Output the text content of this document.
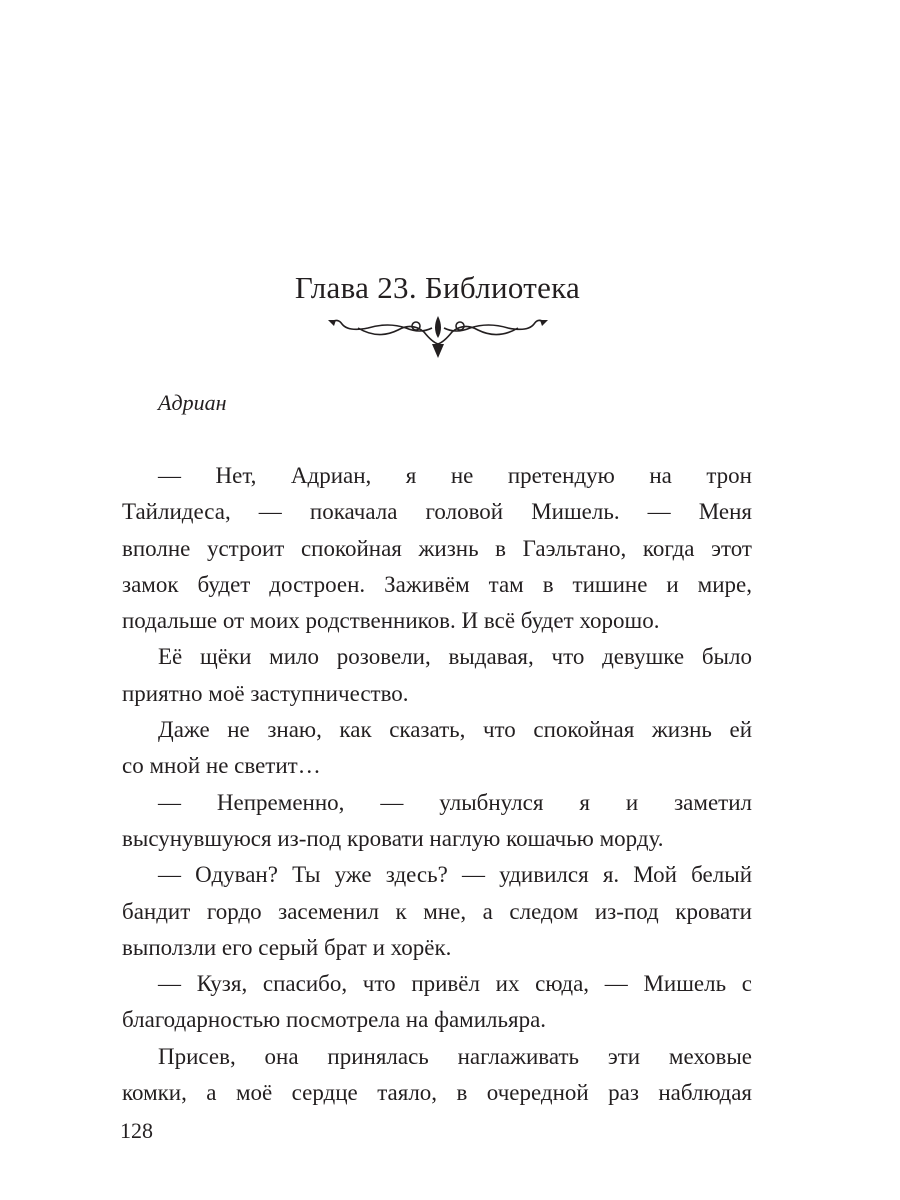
Глава 23. Библиотека
Адриан
— Нет, Адриан, я не претендую на трон
Тайлидеса, — покачала головой Мишель. — Меня
вполне устроит спокойная жизнь в Гаэльтано, когда этот
замок будет достроен. Заживём там в тишине и мире,
подальше от моих родственников. И всё будет хорошо.
Её щёки мило розовели, выдавая, что девушке было
приятно моё заступничество.
Даже не знаю, как сказать, что спокойная жизнь ей
со мной не светит…
— Непременно, — улыбнулся я и заметил
высунувшуюся из-под кровати наглую кошачью морду.
— Одуван? Ты уже здесь? — удивился я. Мой белый
бандит гордо засеменил к мне, а следом из-под кровати
выползли его серый брат и хорёк.
— Кузя, спасибо, что привёл их сюда, — Мишель с
благодарностью посмотрела на фамильяра.
Присев, она принялась наглаживать эти меховые
комки, а моё сердце таяло, в очередной раз наблюдая
128
